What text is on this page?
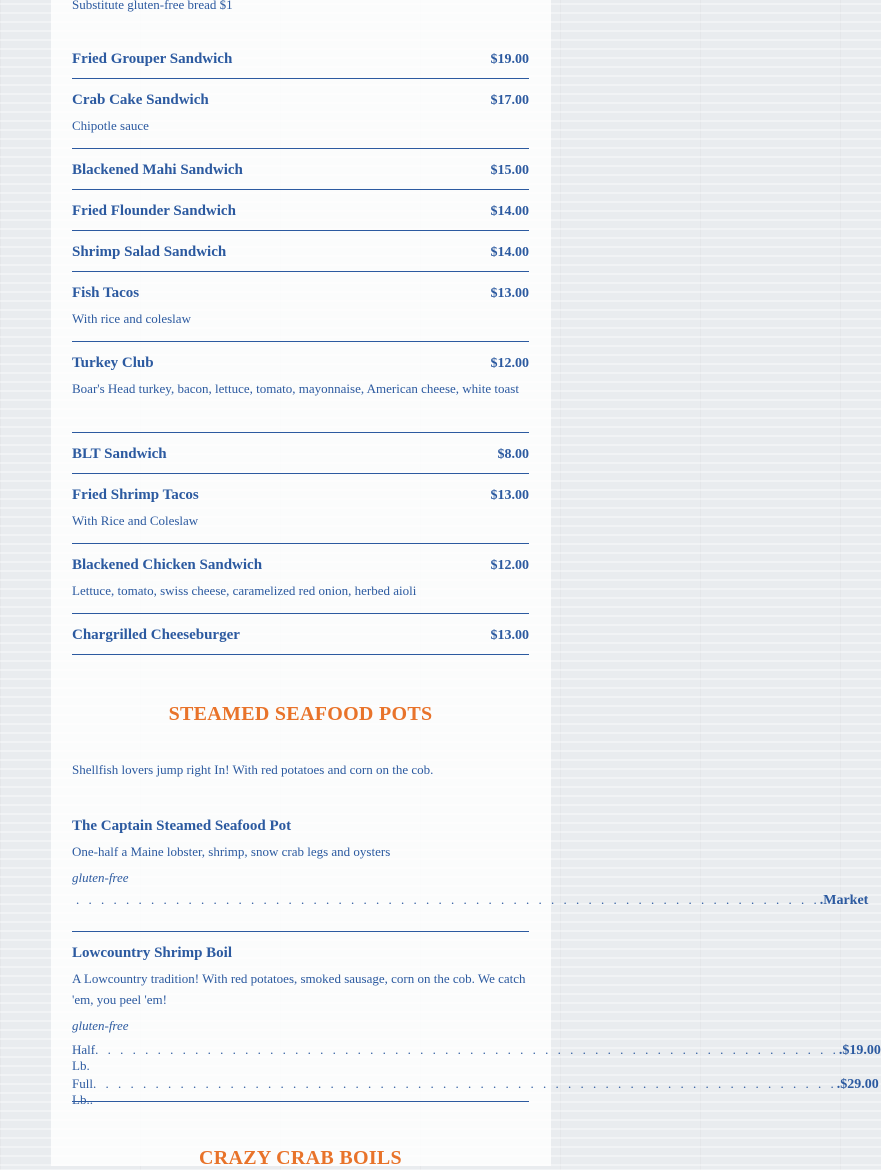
Substitute gluten-free bread $1
Fried Grouper Sandwich	$19.00
Crab Cake Sandwich	$17.00
Chipotle sauce
Blackened Mahi Sandwich	$15.00
Fried Flounder Sandwich	$14.00
Shrimp Salad Sandwich	$14.00
Fish Tacos	$13.00
With rice and coleslaw
Turkey Club	$12.00
Boar's Head turkey, bacon, lettuce, tomato, mayonnaise, American cheese, white toast
BLT Sandwich	$8.00
Fried Shrimp Tacos	$13.00
With Rice and Coleslaw
Blackened Chicken Sandwich	$12.00
Lettuce, tomato, swiss cheese, caramelized red onion, herbed aioli
Chargrilled Cheeseburger	$13.00
STEAMED SEAFOOD POTS
Shellfish lovers jump right In! With red potatoes and corn on the cob.
The Captain Steamed Seafood Pot
One-half a Maine lobster, shrimp, snow crab legs and oysters
gluten-free
. . . . . . . . . . . . . . . . . . . . . . . . . . . . . . . . . . . . . . . . . . . . . . . . . . . . . . . . . . . . .Market
Lowcountry Shrimp Boil
A Lowcountry tradition! With red potatoes, smoked sausage, corn on the cob. We catch 'em, you peel 'em!
gluten-free
Half Lb.
. . . . . . . . . . . . . . . . . . . . . . . . . . . . . . . . . . . . . . . . . . . . . . . . . . . . . . . . . . . . .$19.00
Full Lb..
. . . . . . . . . . . . . . . . . . . . . . . . . . . . . . . . . . . . . . . . . . . . . . . . . . . . . . . . . . . . .$29.00
CRAZY CRAB BOILS
